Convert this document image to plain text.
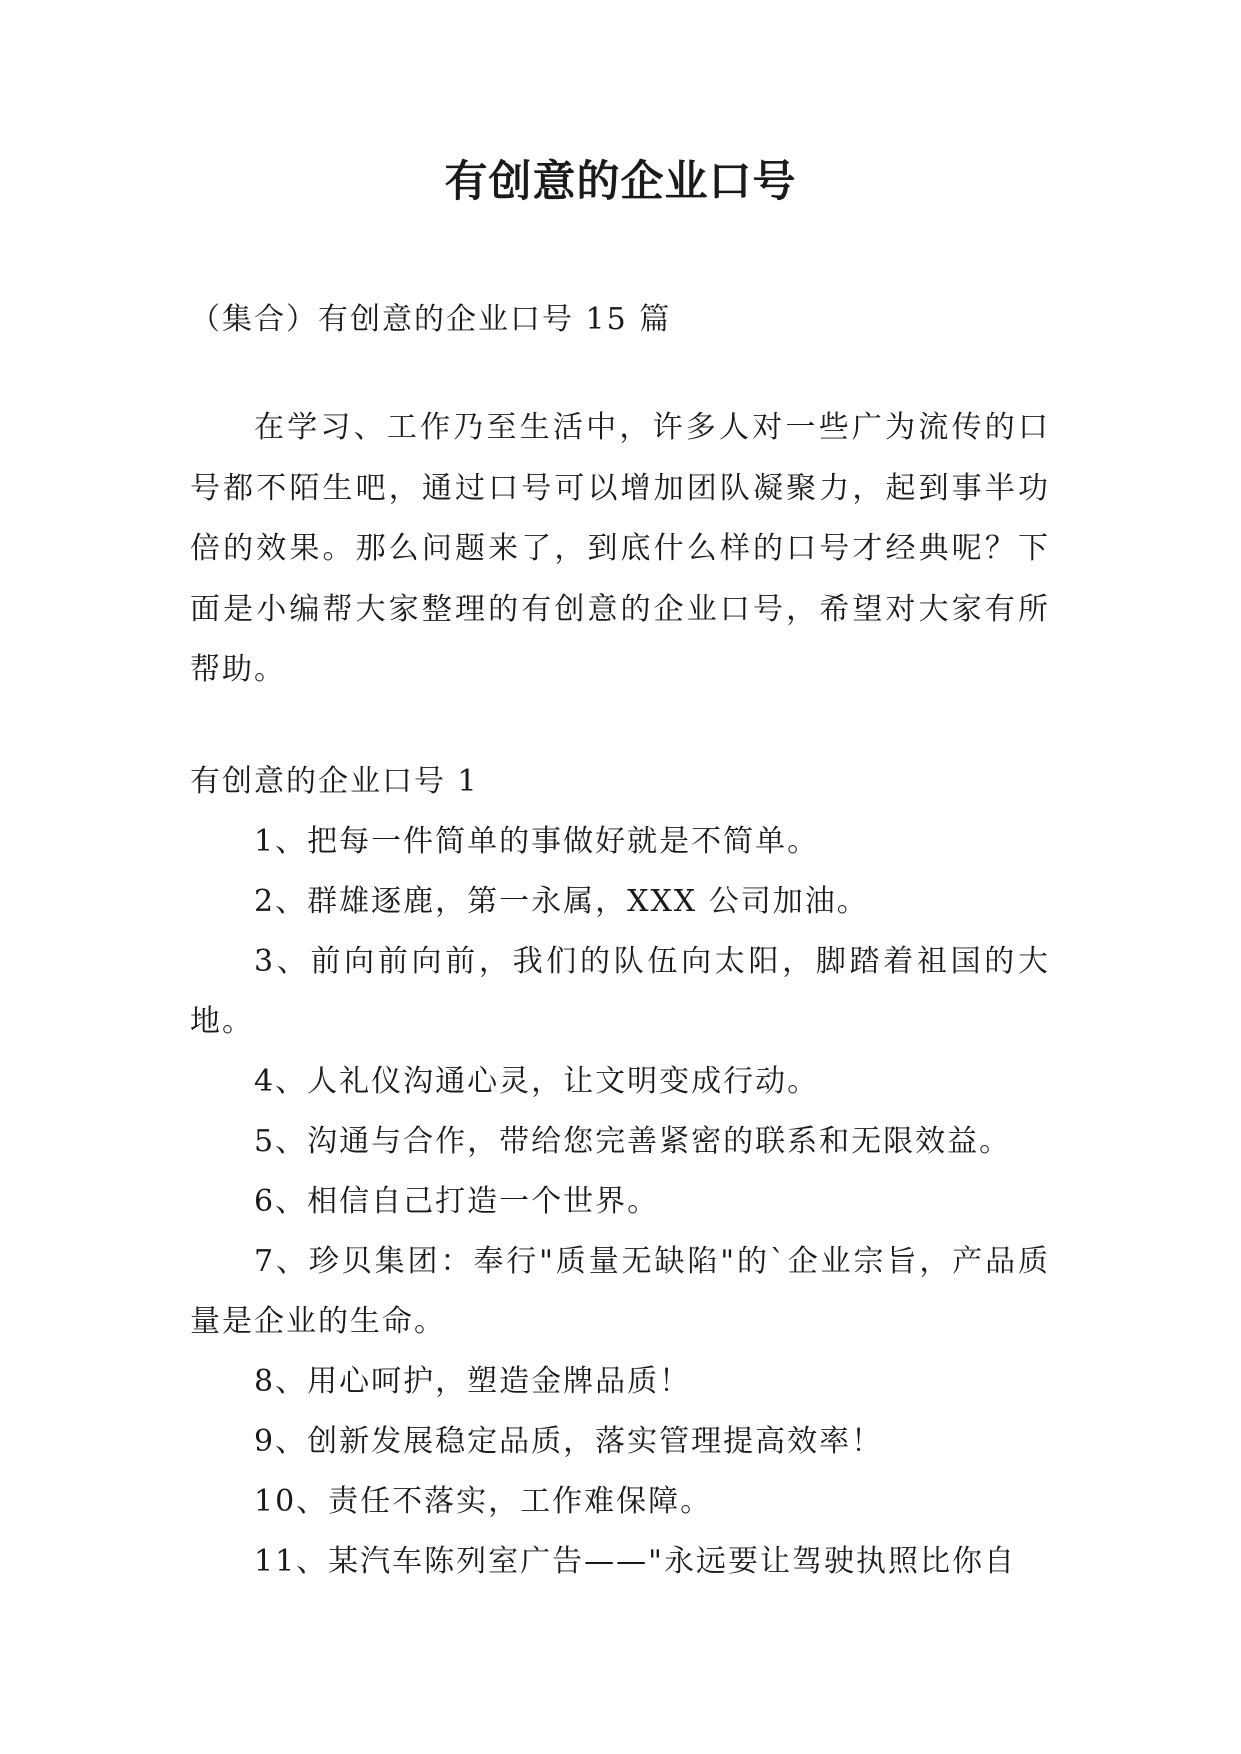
有创意的企业口号

（集合）有创意的企业口号 15 篇

在学习、工作乃至生活中，许多人对一些广为流传的口号都不陌生吧，通过口号可以增加团队凝聚力，起到事半功倍的效果。那么问题来了，到底什么样的口号才经典呢？下面是小编帮大家整理的有创意的企业口号，希望对大家有所帮助。

有创意的企业口号 1

1、把每一件简单的事做好就是不简单。
2、群雄逐鹿，第一永属，XXX 公司加油。
3、前向前向前，我们的队伍向太阳，脚踏着祖国的大地。
4、人礼仪沟通心灵，让文明变成行动。
5、沟通与合作，带给您完善紧密的联系和无限效益。
6、相信自己打造一个世界。
7、珍贝集团：奉行"质量无缺陷"的`企业宗旨，产品质量是企业的生命。
8、用心呵护，塑造金牌品质！
9、创新发展稳定品质，落实管理提高效率！
10、责任不落实，工作难保障。
11、某汽车陈列室广告——"永远要让驾驶执照比你自
